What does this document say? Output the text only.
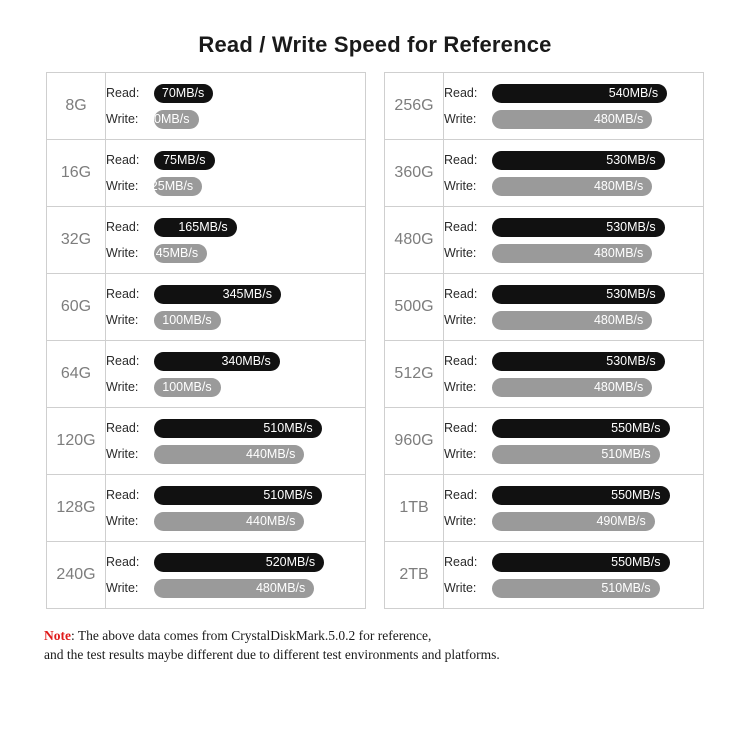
Read / Write Speed for Reference
8G	Read: 70MB/s
Write: 10MB/s

16G	Read: 75MB/s
Write: 25MB/s

32G	Read: 165MB/s
Write: 45MB/s

60G	Read: 345MB/s
Write: 100MB/s

64G	Read: 340MB/s
Write: 100MB/s

120G	Read: 510MB/s
Write: 440MB/s

128G	Read: 510MB/s
Write: 440MB/s

240G	Read: 520MB/s
Write: 480MB/s
256G	Read: 540MB/s
Write: 480MB/s

360G	Read: 530MB/s
Write: 480MB/s

480G	Read: 530MB/s
Write: 480MB/s

500G	Read: 530MB/s
Write: 480MB/s

512G	Read: 530MB/s
Write: 480MB/s

960G	Read: 550MB/s
Write: 510MB/s

1TB	Read: 550MB/s
Write: 490MB/s

2TB	Read: 550MB/s
Write: 510MB/s
Note: The above data comes from CrystalDiskMark.5.0.2 for reference,
and the test results maybe different due to different test environments and platforms.
